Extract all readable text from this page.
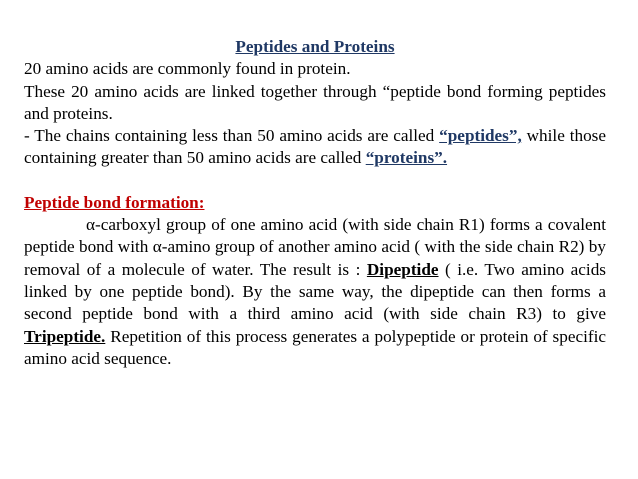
Peptides and Proteins

20 amino acids are commonly found in protein.

These 20 amino acids are linked together through “peptide bond forming peptides and proteins.

- The chains containing less than 50 amino acids are called “peptides”, while those containing greater than 50 amino acids are called “proteins”.

Peptide bond formation:

α-carboxyl group of one amino acid (with side chain R1) forms a covalent peptide bond with α-amino group of another amino acid ( with the side chain R2) by removal of a molecule of water. The result is : Dipeptide ( i.e. Two amino acids linked by one peptide bond). By the same way, the dipeptide can then forms a second peptide bond with a third amino acid (with side chain R3) to give Tripeptide. Repetition of this process generates a polypeptide or protein of specific amino acid sequence.
